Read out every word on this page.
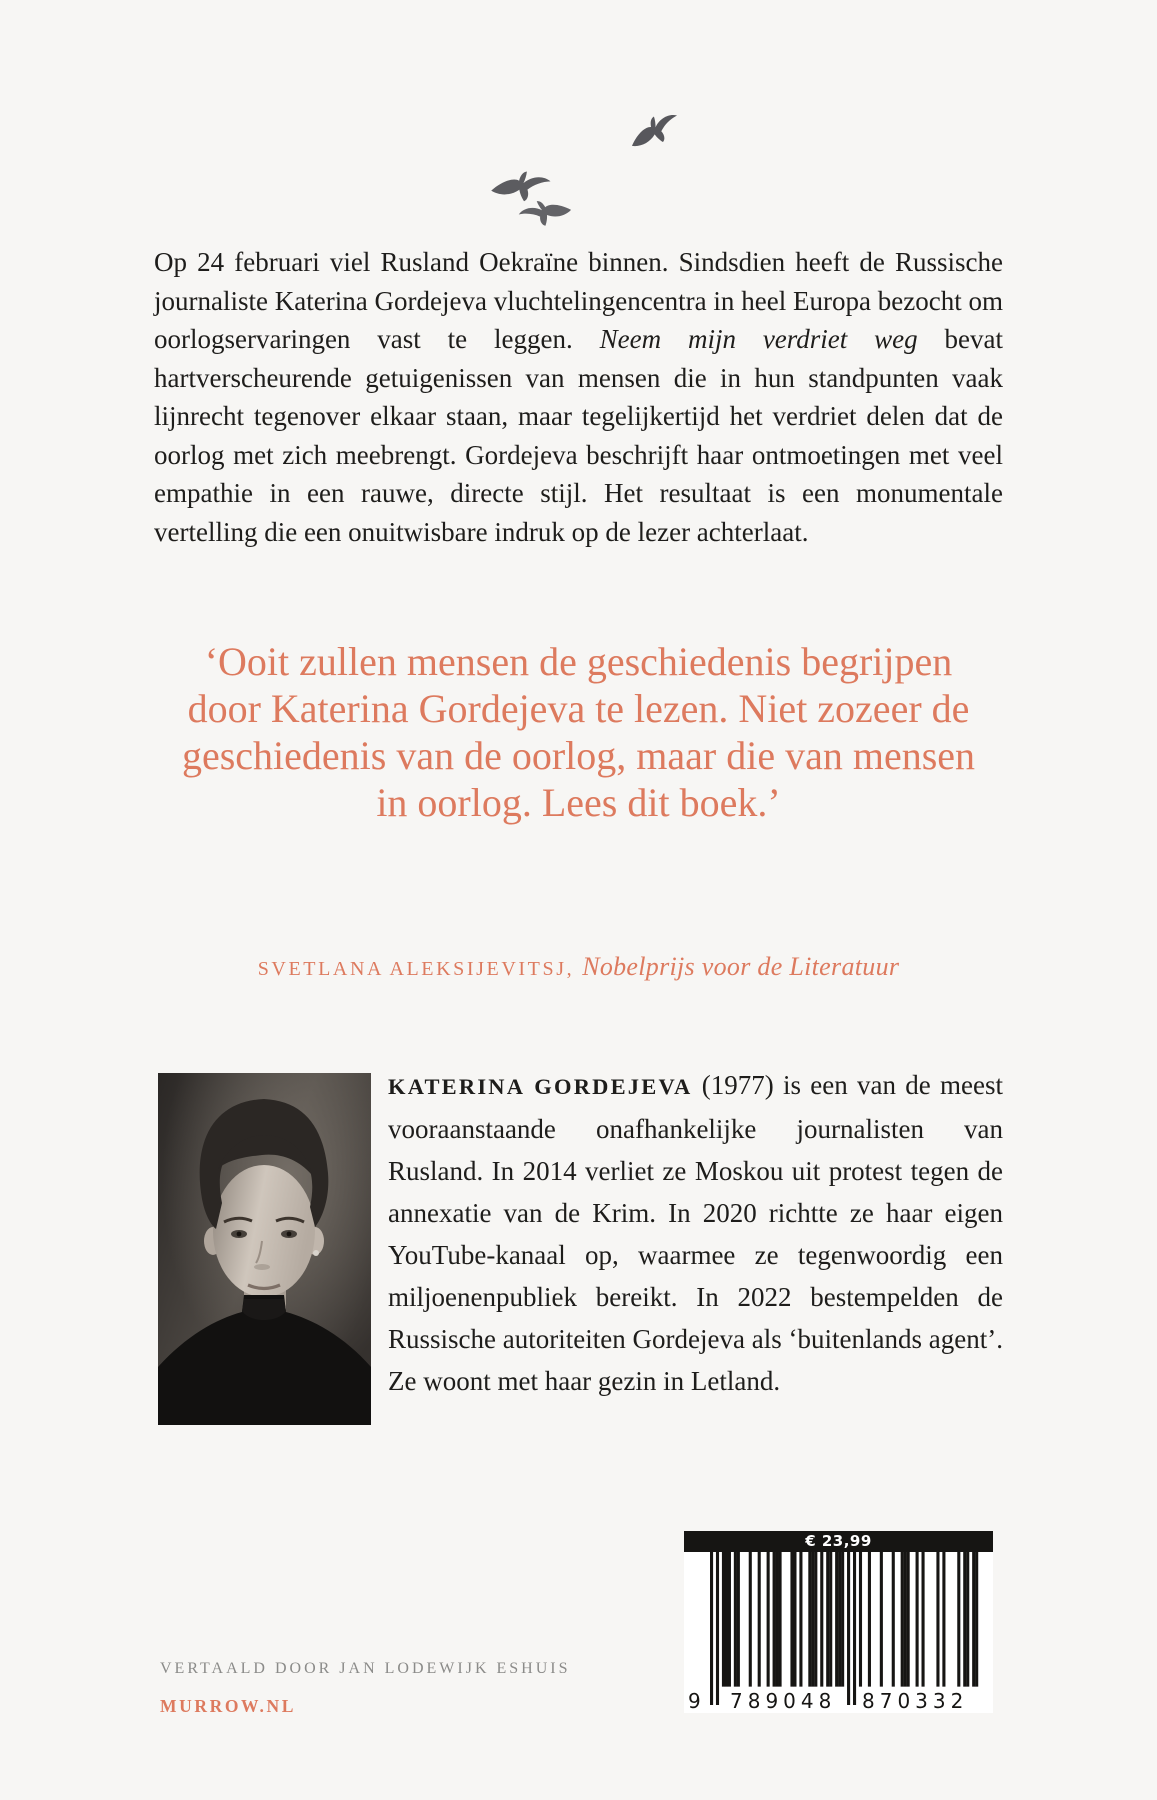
Op 24 februari viel Rusland Oekraïne binnen. Sindsdien heeft de Russische journaliste Katerina Gordejeva vluchtelingencentra in heel Europa bezocht om oorlogservaringen vast te leggen. Neem mijn verdriet weg bevat hartverscheurende getuigenissen van mensen die in hun standpunten vaak lijnrecht tegenover elkaar staan, maar tegelijkertijd het verdriet delen dat de oorlog met zich meebrengt. Gordejeva beschrijft haar ontmoetingen met veel empathie in een rauwe, directe stijl. Het resultaat is een monumentale vertelling die een onuitwisbare indruk op de lezer achterlaat.

‘Ooit zullen mensen de geschiedenis begrijpen
door Katerina Gordejeva te lezen. Niet zozeer de
geschiedenis van de oorlog, maar die van mensen
in oorlog. Lees dit boek.’
SVETLANA ALEKSIJEVITSJ, Nobelprijs voor de Literatuur

KATERINA GORDEJEVA (1977) is een van de meest vooraanstaande onafhankelijke journalisten van Rusland. In 2014 verliet ze Moskou uit protest tegen de annexatie van de Krim. In 2020 richtte ze haar eigen YouTube-kanaal op, waarmee ze tegenwoordig een miljoenenpubliek bereikt. In 2022 bestempelden de Russische autoriteiten Gordejeva als ‘buitenlands agent’. Ze woont met haar gezin in Letland.

€ 23,99
9 789048 870332
VERTAALD DOOR JAN LODEWIJK ESHUIS
MURROW.NL
